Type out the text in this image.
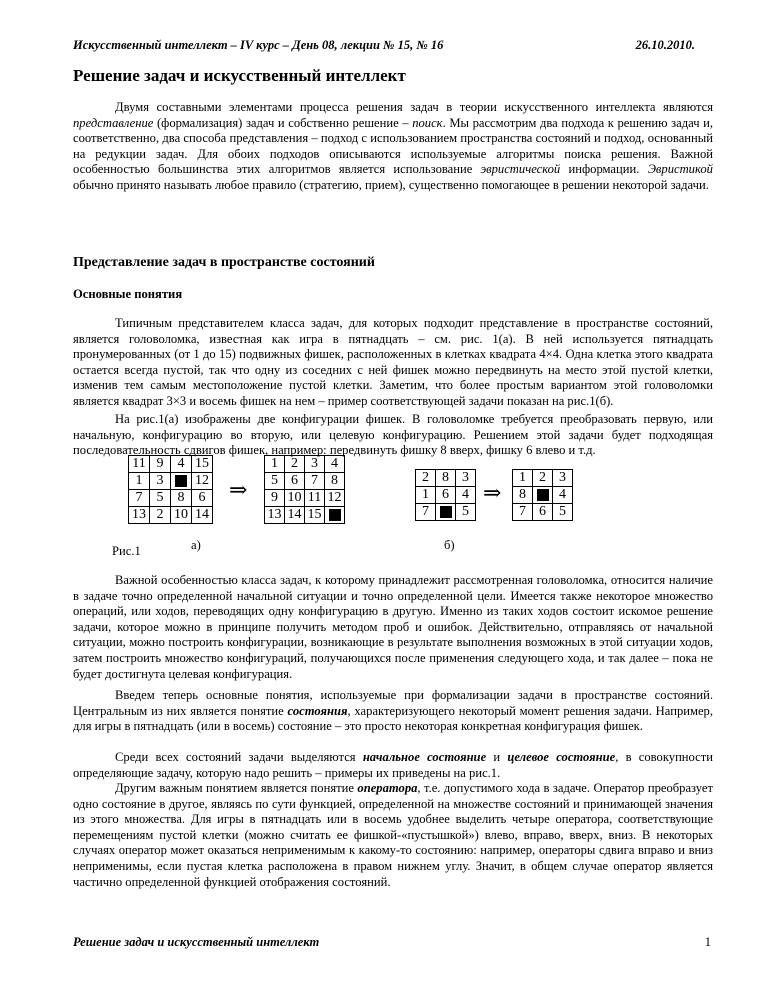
Искусственный интеллект – IV курс – День 08, лекции № 15, № 16	26.10.2010.
Решение задач и искусственный интеллект
Двумя составными элементами процесса решения задач в теории искусственного интеллекта являются представление (формализация) задач и собственно решение – поиск. Мы рассмотрим два подхода к решению задач и, соответственно, два способа представления – подход с использованием пространства состояний и подход, основанный на редукции задач. Для обоих подходов описываются используемые алгоритмы поиска решения. Важной особенностью большинства этих алгоритмов является использование эвристической информации. Эвристикой обычно принято называть любое правило (стратегию, прием), существенно помогающее в решении некоторой задачи.
Представление задач в пространстве состояний
Основные понятия
Типичным представителем класса задач, для которых подходит представление в пространстве состояний, является головоломка, известная как игра в пятнадцать – см. рис. 1(а). В ней используется пятнадцать пронумерованных (от 1 до 15) подвижных фишек, расположенных в клетках квадрата 4×4. Одна клетка этого квадрата остается всегда пустой, так что одну из соседних с ней фишек можно передвинуть на место этой пустой клетки, изменив тем самым местоположение пустой клетки. Заметим, что более простым вариантом этой головоломки является квадрат 3×3 и восемь фишек на нем – пример соответствующей задачи показан на рис.1(б).
На рис.1(а) изображены две конфигурации фишек. В головоломке требуется преобразовать первую, или начальную, конфигурацию во вторую, или целевую конфигурацию. Решением этой задачи будет подходящая последовательность сдвигов фишек, например: передвинуть фишку 8 вверх, фишку 6 влево и т.д.
11	9	4	15
1	3		12
7	5	8	6
13	2	10	14
⇒
1	2	3	4
5	6	7	8
9	10	11	12
13	14	15	
2	8	3
1	6	4
7		5
⇒
1	2	3
8		4
7	6	5
Рис.1	а)	б)
Важной особенностью класса задач, к которому принадлежит рассмотренная головоломка, относится наличие в задаче точно определенной начальной ситуации и точно определенной цели. Имеется также некоторое множество операций, или ходов, переводящих одну конфигурацию в другую. Именно из таких ходов состоит искомое решение задачи, которое можно в принципе получить методом проб и ошибок. Действительно, отправляясь от начальной ситуации, можно построить конфигурации, возникающие в результате выполнения возможных в этой ситуации ходов, затем построить множество конфигураций, получающихся после применения следующего хода, и так далее – пока не будет достигнута целевая конфигурация.
Введем теперь основные понятия, используемые при формализации задачи в пространстве состояний. Центральным из них является понятие состояния, характеризующего некоторый момент решения задачи. Например, для игры в пятнадцать (или в восемь) состояние – это просто некоторая конкретная конфигурация фишек.
Среди всех состояний задачи выделяются начальное состояние и целевое состояние, в совокупности определяющие задачу, которую надо решить – примеры их приведены на рис.1.
Другим важным понятием является понятие оператора, т.е. допустимого хода в задаче. Оператор преобразует одно состояние в другое, являясь по сути функцией, определенной на множестве состояний и принимающей значения из этого множества. Для игры в пятнадцать или в восемь удобнее выделить четыре оператора, соответствующие перемещениям пустой клетки (можно считать ее фишкой-«пустышкой») влево, вправо, вверх, вниз. В некоторых случаях оператор может оказаться неприменимым к какому-то состоянию: например, операторы сдвига вправо и вниз неприменимы, если пустая клетка расположена в правом нижнем углу. Значит, в общем случае оператор является частично определенной функцией отображения состояний.
Решение задач и искусственный интеллект	1
